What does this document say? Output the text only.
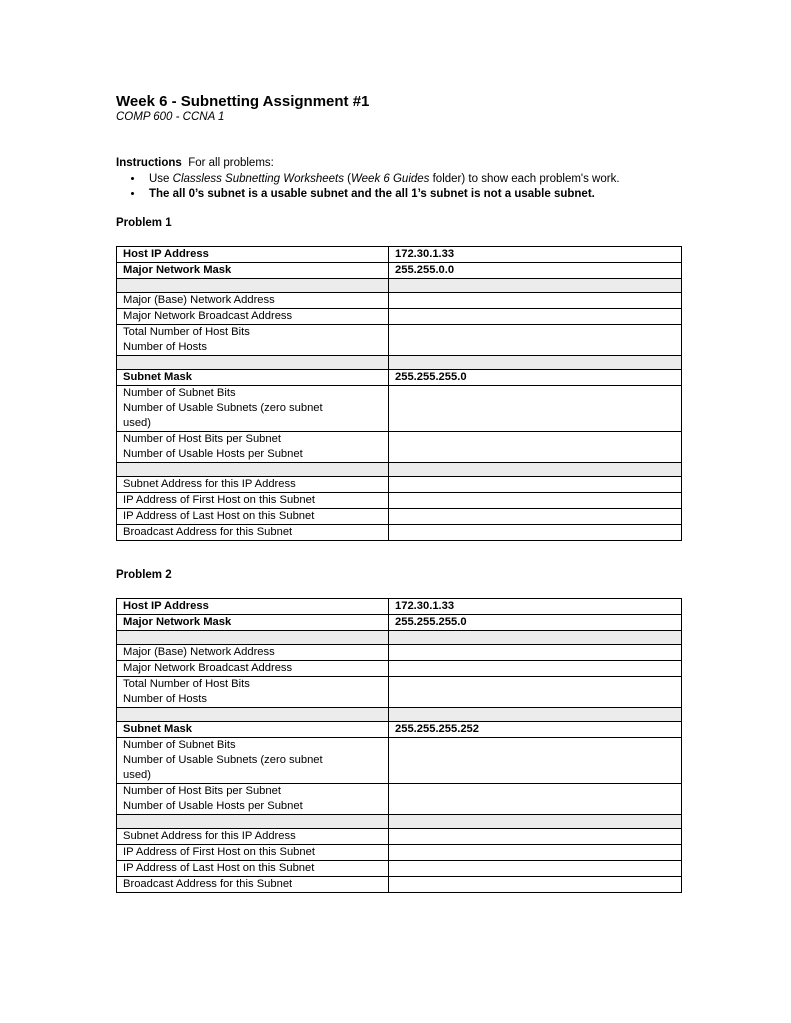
Week 6 - Subnetting Assignment #1
COMP 600 - CCNA 1
Instructions For all problems:
• Use Classless Subnetting Worksheets (Week 6 Guides folder) to show each problem's work.
• The all 0’s subnet is a usable subnet and the all 1’s subnet is not a usable subnet.
Problem 1
Host IP Address	172.30.1.33
Major Network Mask	255.255.0.0

Major (Base) Network Address	
Major Network Broadcast Address	

Total Number of Host Bits
Number of Hosts	

Subnet Mask	255.255.255.0

Number of Subnet Bits
Number of Usable Subnets (zero subnet
used)	

Number of Host Bits per Subnet
Number of Usable Hosts per Subnet	

Subnet Address for this IP Address	
IP Address of First Host on this Subnet	
IP Address of Last Host on this Subnet	
Broadcast Address for this Subnet	
Problem 2
Host IP Address	172.30.1.33
Major Network Mask	255.255.255.0

Major (Base) Network Address	
Major Network Broadcast Address	

Total Number of Host Bits
Number of Hosts	

Subnet Mask	255.255.255.252

Number of Subnet Bits
Number of Usable Subnets (zero subnet
used)	

Number of Host Bits per Subnet
Number of Usable Hosts per Subnet	

Subnet Address for this IP Address	
IP Address of First Host on this Subnet	
IP Address of Last Host on this Subnet	
Broadcast Address for this Subnet	
